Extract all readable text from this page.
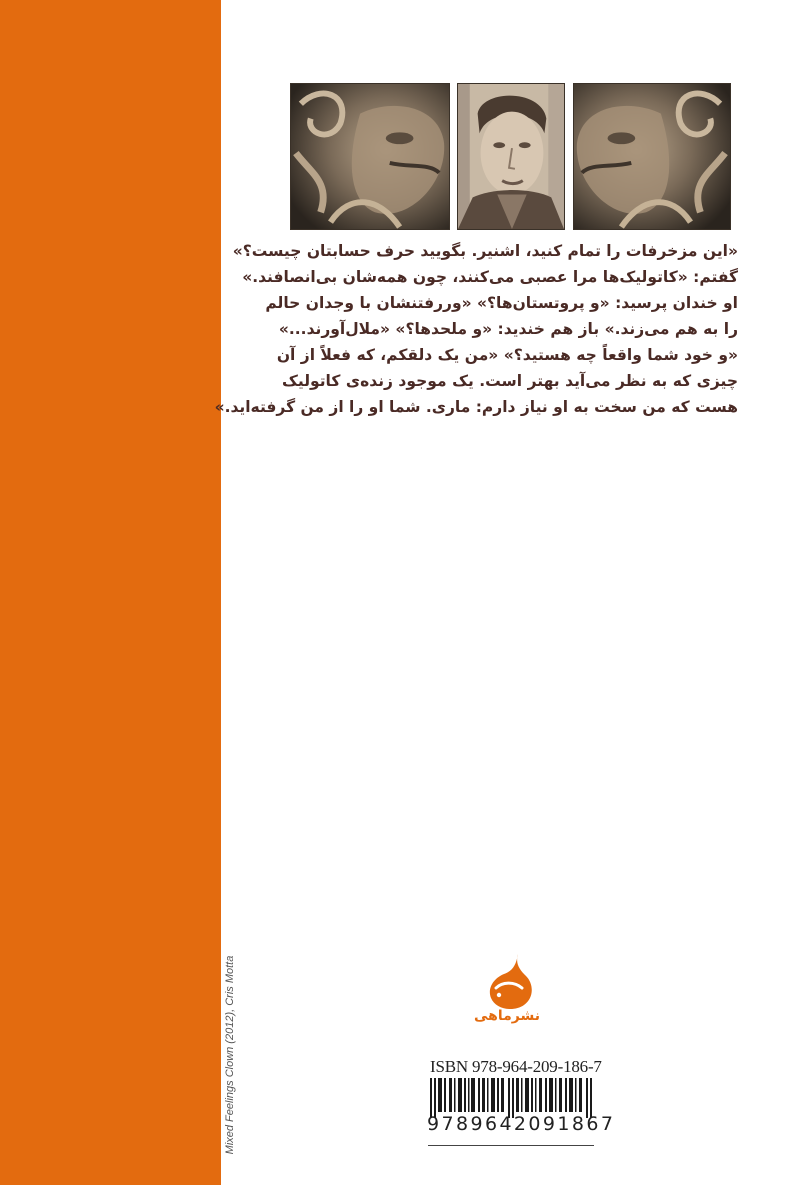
Mixed Feelings Clown (2012), Cris Motta
«این مزخرفات را تمام کنید، اشنیر. بگویید حرف حسابتان چیست؟»
گفتم: «کاتولیک‌ها مرا عصبی می‌کنند، چون همه‌شان بی‌انصافند.»
او خندان پرسید: «و پروتستان‌ها؟» «وررفتنشان با وجدان حالم
را به هم می‌زند.» باز هم خندید: «و ملحدها؟» «ملال‌آورند...»
«و خود شما واقعاً چه هستید؟» «من یک دلقکم، که فعلاً از آن
چیزی که به نظر می‌آید بهتر است. یک موجود زنده‌ی کاتولیک
هست که من سخت به او نیاز دارم: ماری. شما او را از من گرفته‌اید.»
نشرماهی
ISBN 978-964-209-186-7
9789642091867
